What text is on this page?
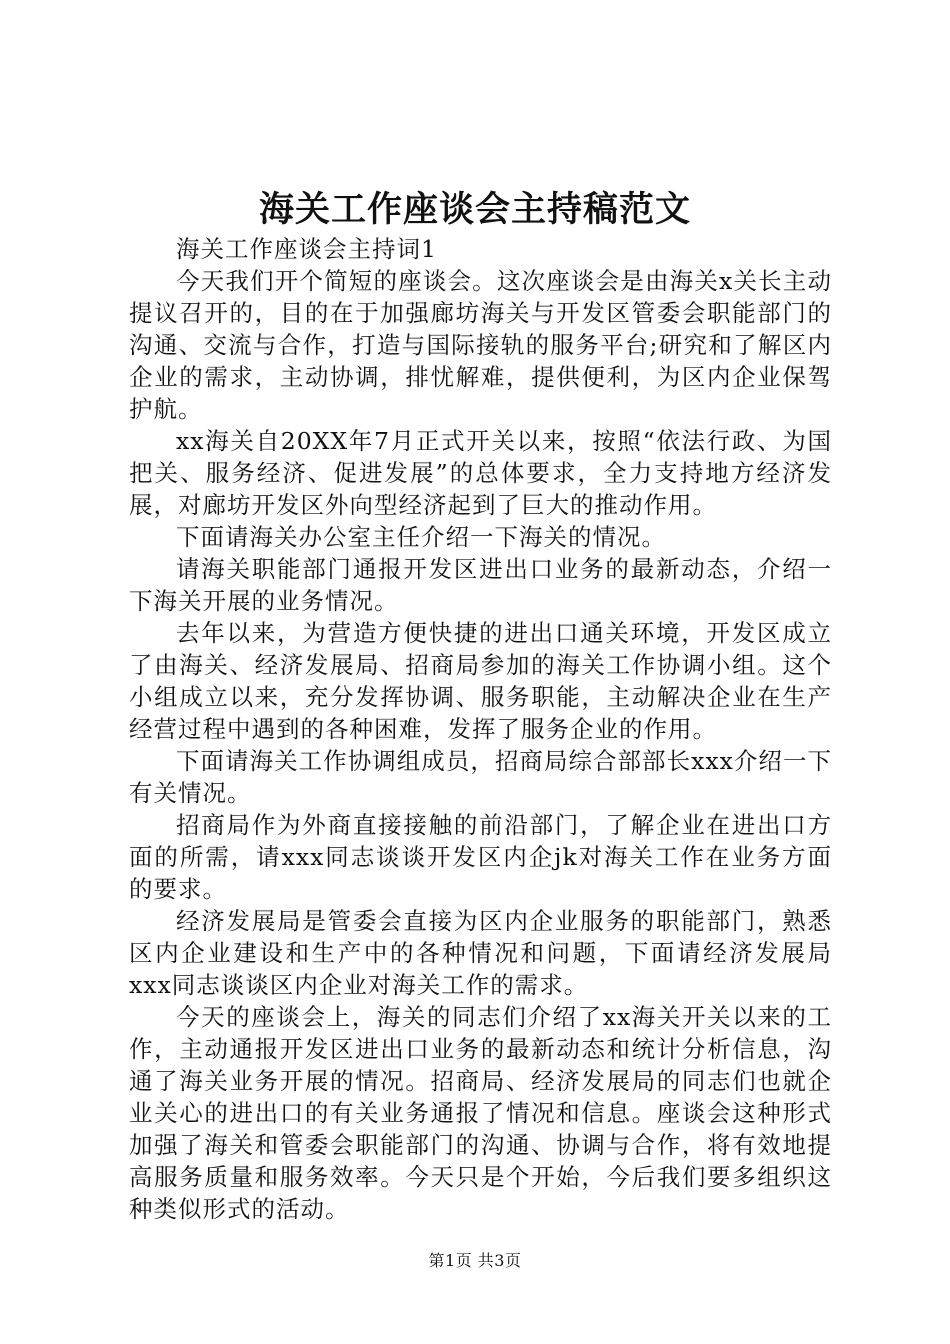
海关工作座谈会主持稿范文

海关工作座谈会主持词1

今天我们开个简短的座谈会。这次座谈会是由海关x关长主动提议召开的，目的在于加强廊坊海关与开发区管委会职能部门的沟通、交流与合作，打造与国际接轨的服务平台;研究和了解区内企业的需求，主动协调，排忧解难，提供便利，为区内企业保驾护航。

xx海关自20XX年7月正式开关以来，按照“依法行政、为国把关、服务经济、促进发展”的总体要求，全力支持地方经济发展，对廊坊开发区外向型经济起到了巨大的推动作用。

下面请海关办公室主任介绍一下海关的情况。

请海关职能部门通报开发区进出口业务的最新动态，介绍一下海关开展的业务情况。

去年以来，为营造方便快捷的进出口通关环境，开发区成立了由海关、经济发展局、招商局参加的海关工作协调小组。这个小组成立以来，充分发挥协调、服务职能，主动解决企业在生产经营过程中遇到的各种困难，发挥了服务企业的作用。

下面请海关工作协调组成员，招商局综合部部长xxx介绍一下有关情况。

招商局作为外商直接接触的前沿部门，了解企业在进出口方面的所需，请xxx同志谈谈开发区内企jk对海关工作在业务方面的要求。

经济发展局是管委会直接为区内企业服务的职能部门，熟悉区内企业建设和生产中的各种情况和问题，下面请经济发展局xxx同志谈谈区内企业对海关工作的需求。

今天的座谈会上，海关的同志们介绍了xx海关开关以来的工作，主动通报开发区进出口业务的最新动态和统计分析信息，沟通了海关业务开展的情况。招商局、经济发展局的同志们也就企业关心的进出口的有关业务通报了情况和信息。座谈会这种形式加强了海关和管委会职能部门的沟通、协调与合作，将有效地提高服务质量和服务效率。今天只是个开始，今后我们要多组织这种类似形式的活动。

第1页 共3页
